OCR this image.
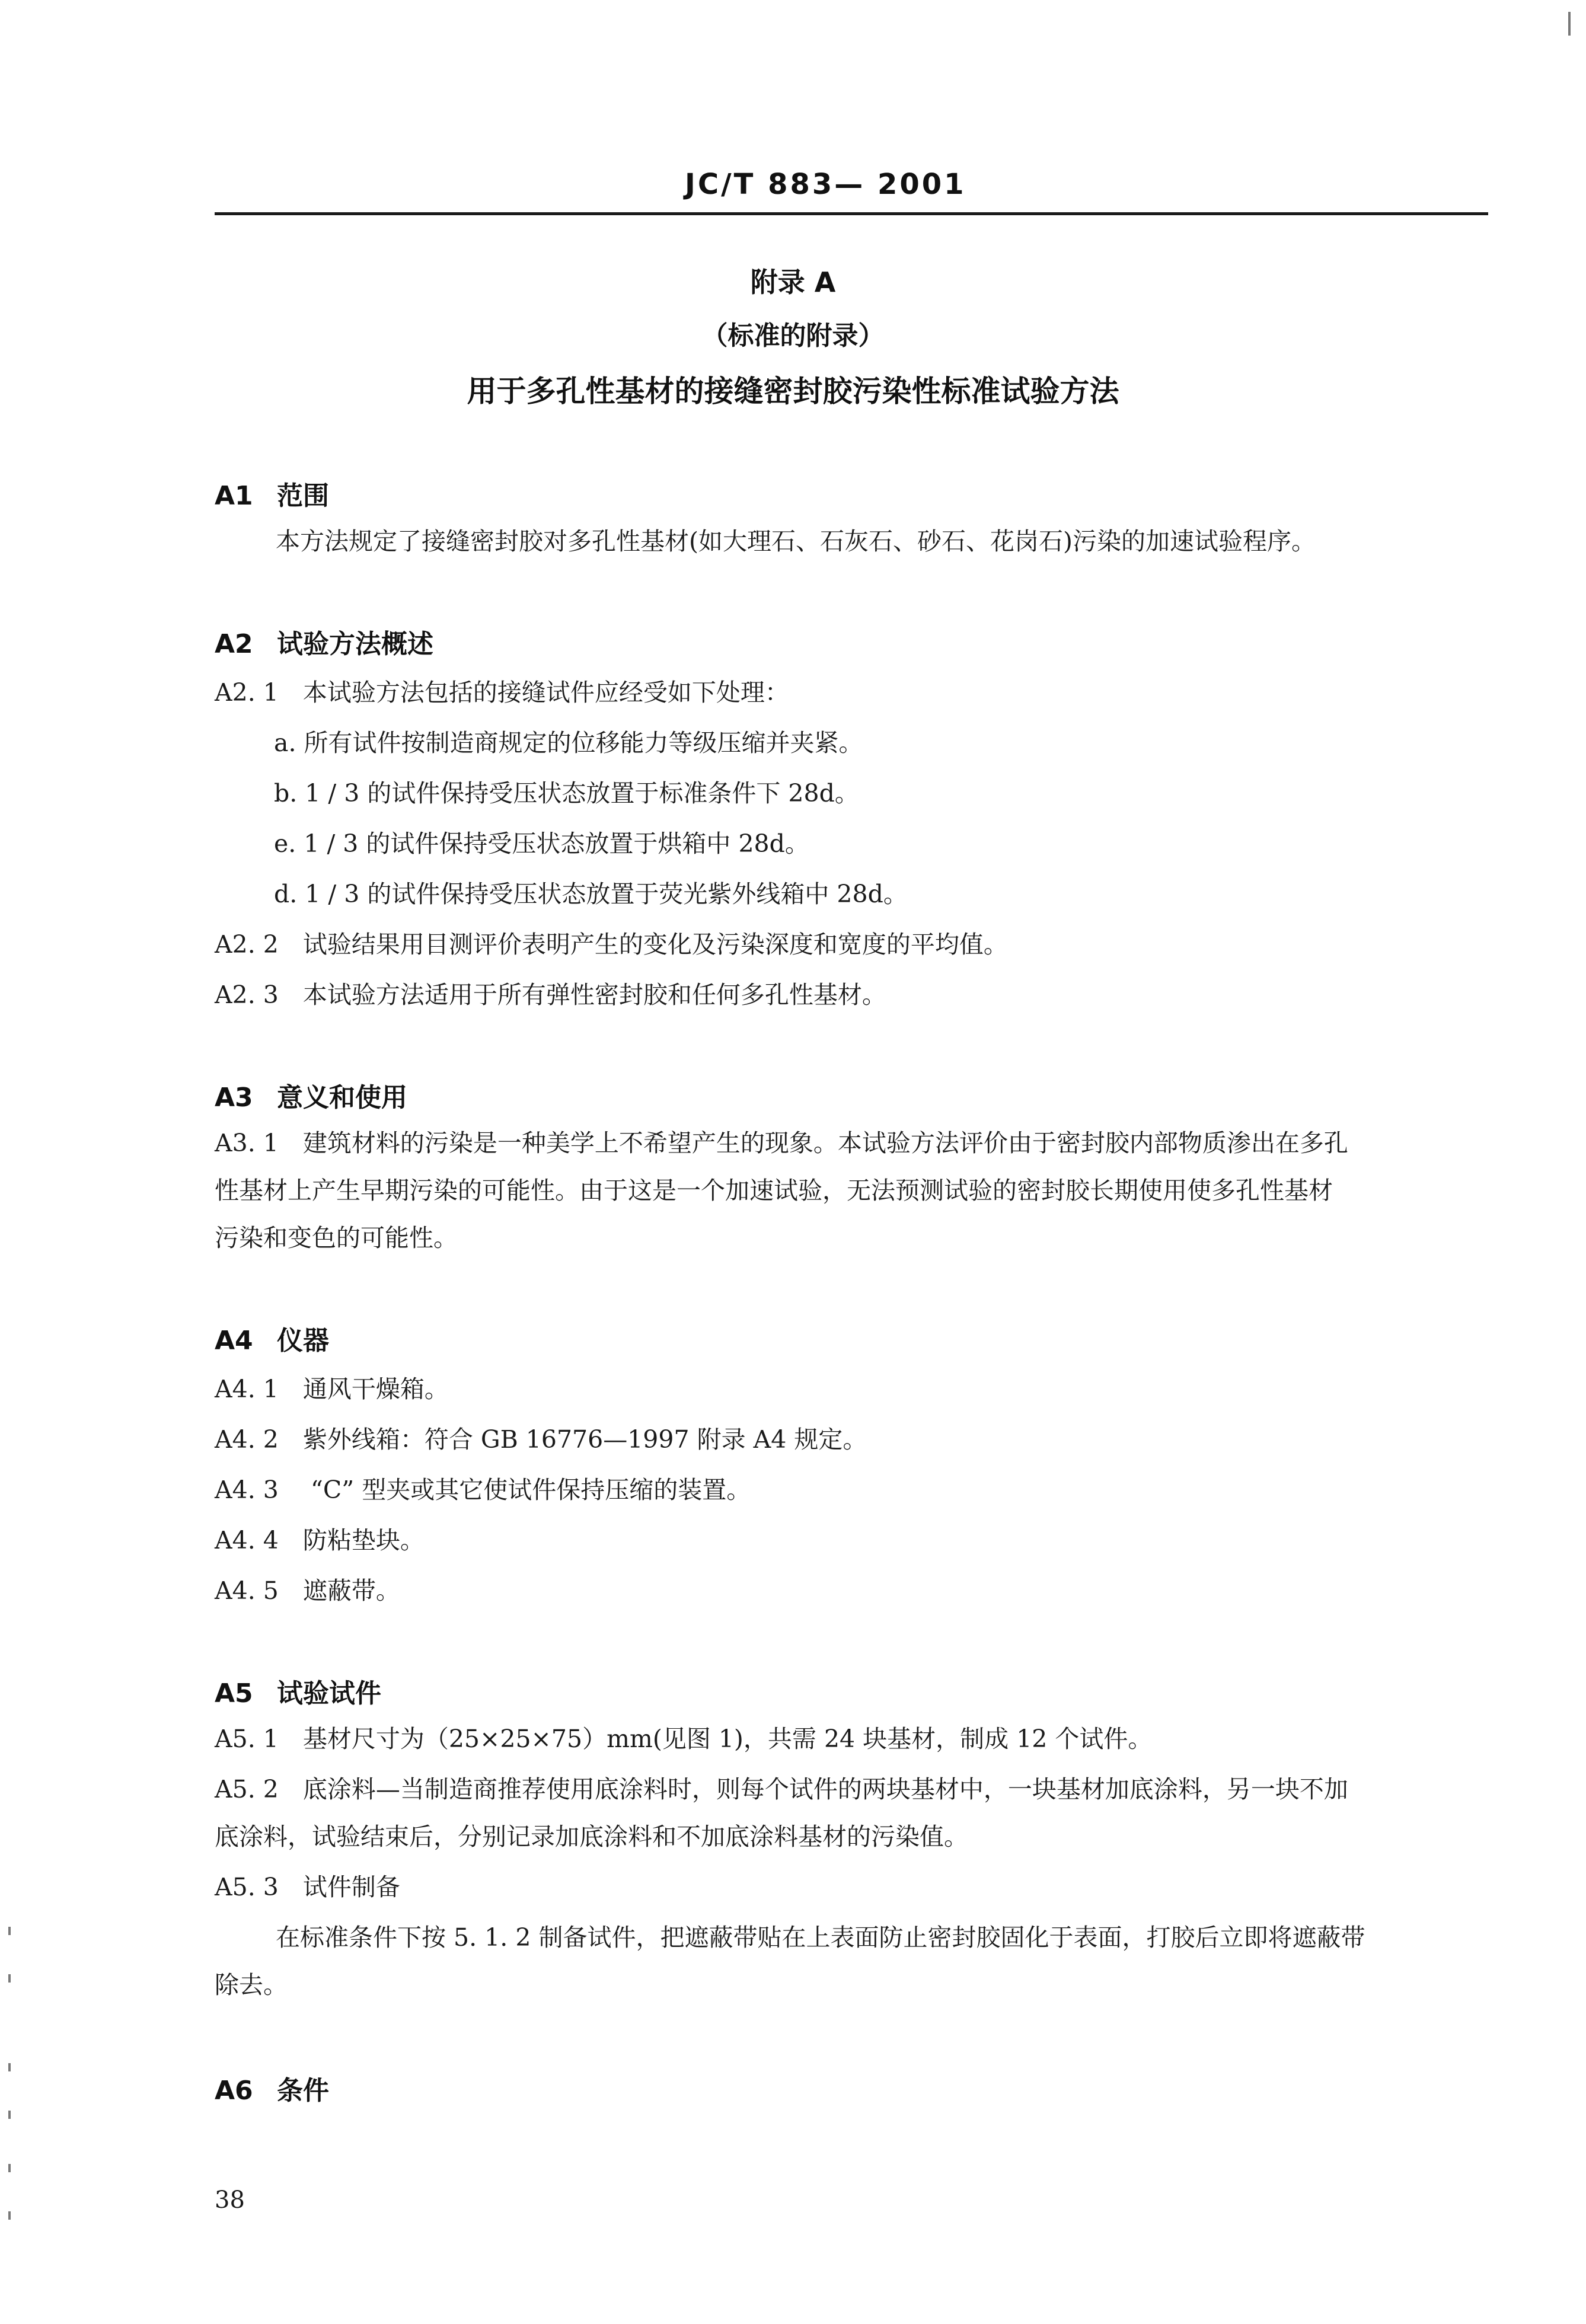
JC/T 883— 2001
附录 A
（标准的附录）
用于多孔性基材的接缝密封胶污染性标准试验方法
A1 范围
本方法规定了接缝密封胶对多孔性基材(如大理石、石灰石、砂石、花岗石)污染的加速试验程序。
A2 试验方法概述
A2. 1　本试验方法包括的接缝试件应经受如下处理：
a. 所有试件按制造商规定的位移能力等级压缩并夹紧。
b. 1 / 3 的试件保持受压状态放置于标准条件下 28d。
e. 1 / 3 的试件保持受压状态放置于烘箱中 28d。
d. 1 / 3 的试件保持受压状态放置于荧光紫外线箱中 28d。
A2. 2　试验结果用目测评价表明产生的变化及污染深度和宽度的平均值。
A2. 3　本试验方法适用于所有弹性密封胶和任何多孔性基材。
A3 意义和使用
A3. 1　建筑材料的污染是一种美学上不希望产生的现象。本试验方法评价由于密封胶内部物质渗出在多孔
性基材上产生早期污染的可能性。由于这是一个加速试验，无法预测试验的密封胶长期使用使多孔性基材
污染和变色的可能性。
A4 仪器
A4. 1　通风干燥箱。
A4. 2　紫外线箱：符合 GB 16776—1997 附录 A4 规定。
A4. 3　 “C” 型夹或其它使试件保持压缩的装置。
A4. 4　防粘垫块。
A4. 5　遮蔽带。
A5 试验试件
A5. 1　基材尺寸为（25×25×75）mm(见图 1)，共需 24 块基材，制成 12 个试件。
A5. 2　底涂料—当制造商推荐使用底涂料时，则每个试件的两块基材中，一块基材加底涂料，另一块不加
底涂料，试验结束后，分别记录加底涂料和不加底涂料基材的污染值。
A5. 3　试件制备
在标准条件下按 5. 1. 2 制备试件，把遮蔽带贴在上表面防止密封胶固化于表面，打胶后立即将遮蔽带
除去。
A6 条件
38
